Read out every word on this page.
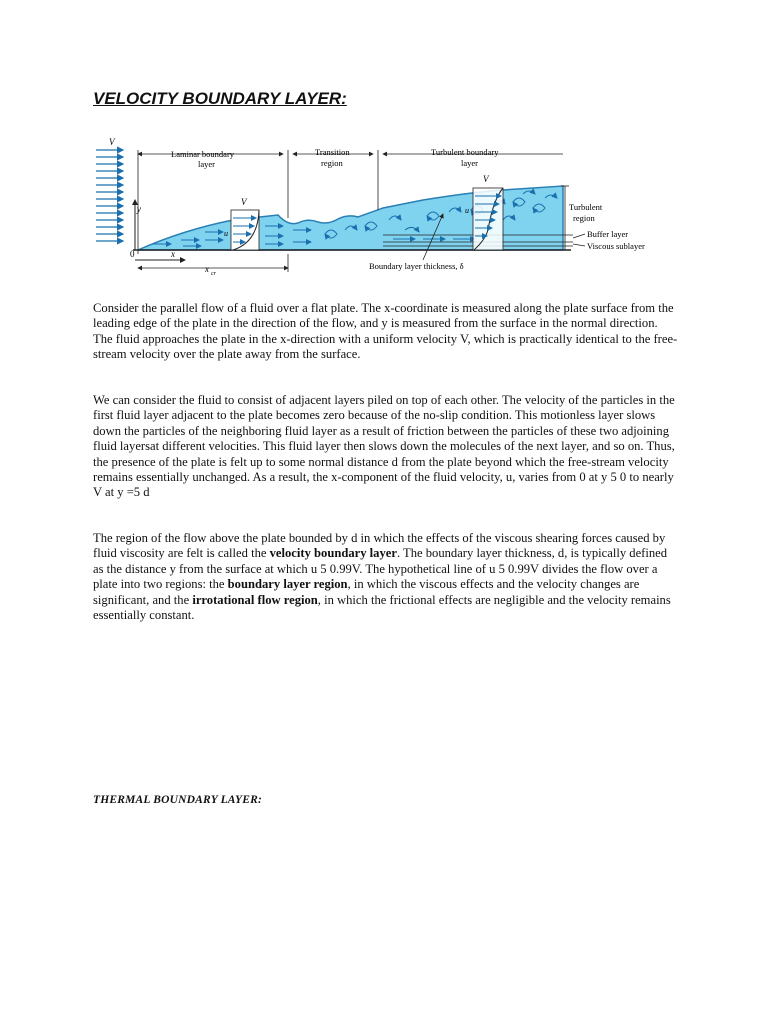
VELOCITY BOUNDARY LAYER:
y
V
0	x
V
u
V
u
Laminar boundary
layer
Transition
region
Turbulent boundary
layer
x cr
Turbulent
region
Buffer layer
Viscous sublayer
Boundary layer thickness, δ

Consider the parallel flow of a fluid over a flat plate. The x-coordinate is measured along the plate surface from the leading edge of the plate in the direction of the flow, and y is measured from the surface in the normal direction. The fluid approaches the plate in the x-direction with a uniform velocity V, which is practically identical to the free-stream velocity over the plate away from the surface.

We can consider the fluid to consist of adjacent layers piled on top of each other. The velocity of the particles in the first fluid layer adjacent to the plate becomes zero because of the no-slip condition. This motionless layer slows down the particles of the neighboring fluid layer as a result of friction between the particles of these two adjoining fluid layersat different velocities. This fluid layer then slows down the molecules of the next layer, and so on. Thus, the presence of the plate is felt up to some normal distance d from the plate beyond which the free-stream velocity remains essentially unchanged. As a result, the x-component of the fluid velocity, u, varies from 0 at y 5 0 to nearly V at y =5 d

The region of the flow above the plate bounded by d in which the effects of the viscous shearing forces caused by fluid viscosity are felt is called the velocity boundary layer. The boundary layer thickness, d, is typically defined as the distance y from the surface at which u 5 0.99V. The hypothetical line of u 5 0.99V divides the flow over a plate into two regions: the boundary layer region, in which the viscous effects and the velocity changes are significant, and the irrotational flow region, in which the frictional effects are negligible and the velocity remains essentially constant.

THERMAL BOUNDARY LAYER:
